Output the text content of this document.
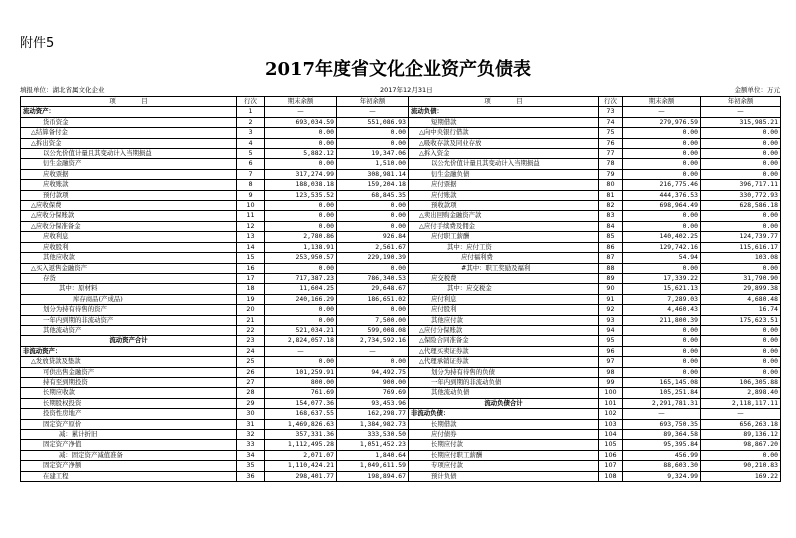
附件5
2017年度省文化企业资产负债表
填报单位：湖北省属文化企业	2017年12月31日	金额单位：万元
项　　　　目	行次	期末余额	年初余额	项　　　　目	行次	期末余额	年初余额
流动资产：	1	—	—	流动负债：	73	—	—
货币资金	2	693,034.59	551,086.93	短期借款	74	279,976.59	315,985.21
△结算备付金	3	0.00	0.00	△向中央银行借款	75	0.00	0.00
△拆出资金	4	0.00	0.00	△吸收存款及同业存放	76	0.00	0.00
以公允价值计量且其变动计入当期损益	5	5,882.12	19,347.06	△拆入资金	77	0.00	0.00
衍生金融资产	6	0.00	1,510.00	以公允价值计量且其变动计入当期损益	78	0.00	0.00
应收票据	7	317,274.99	308,981.14	衍生金融负债	79	0.00	0.00
应收账款	8	188,038.18	159,204.18	应付票据	80	216,775.46	396,717.11
预付款项	9	123,535.52	68,845.35	应付账款	81	444,376.53	330,772.93
△应收保费	10	0.00	0.00	预收款项	82	698,964.49	628,586.18
△应收分保账款	11	0.00	0.00	△卖出回购金融资产款	83	0.00	0.00
△应收分保准备金	12	0.00	0.00	△应付手续费及佣金	84	0.00	0.00
应收利息	13	2,780.86	926.84	应付职工薪酬	85	140,402.25	124,739.77
应收股利	14	1,138.91	2,561.67	其中：应付工资	86	129,742.16	115,616.17
其他应收款	15	253,950.57	229,190.39	应付福利费	87	54.94	103.08
△买入返售金融资产	16	0.00	0.00	#其中：职工奖励及福利	88	0.00	0.00
存货	17	717,387.23	786,340.53	应交税费	89	17,339.22	31,790.90
其中：原材料	18	11,604.25	29,648.67	其中：应交税金	90	15,621.13	29,899.38
库存商品(产成品)	19	240,166.29	186,651.02	应付利息	91	7,289.03	4,680.48
划分为持有待售的资产	20	0.00	0.00	应付股利	92	4,460.43	16.74
一年内到期的非流动资产	21	0.00	7,500.00	其他应付款	93	211,800.39	175,623.51
其他流动资产	22	521,034.21	599,008.08	△应付分保账款	94	0.00	0.00
流动资产合计	23	2,824,057.18	2,734,592.16	△保险合同准备金	95	0.00	0.00
非流动资产：	24	—	—	△代理买卖证券款	96	0.00	0.00
△发放贷款及垫款	25	0.00	0.00	△代理承销证券款	97	0.00	0.00
可供出售金融资产	26	101,259.91	94,492.75	划分为持有待售的负债	98	0.00	0.00
持有至到期投资	27	800.00	900.00	一年内到期的非流动负债	99	165,145.08	106,305.88
长期应收款	28	761.69	769.69	其他流动负债	100	105,251.84	2,898.40
长期股权投资	29	154,077.36	93,453.96	流动负债合计	101	2,291,781.31	2,118,117.11
投资性房地产	30	168,637.55	162,298.77	非流动负债：	102	—	—
固定资产原价	31	1,469,826.63	1,384,982.73	长期借款	103	693,750.35	656,263.18
减：累计折旧	32	357,331.36	333,530.50	应付债券	104	89,364.58	89,136.12
固定资产净值	33	1,112,495.28	1,051,452.23	长期应付款	105	95,395.84	98,867.20
减：固定资产减值准备	34	2,071.07	1,840.64	长期应付职工薪酬	106	456.99	0.00
固定资产净额	35	1,110,424.21	1,049,611.59	专项应付款	107	88,603.30	90,210.83
在建工程	36	298,401.77	198,894.67	预计负债	108	9,324.99	169.22
